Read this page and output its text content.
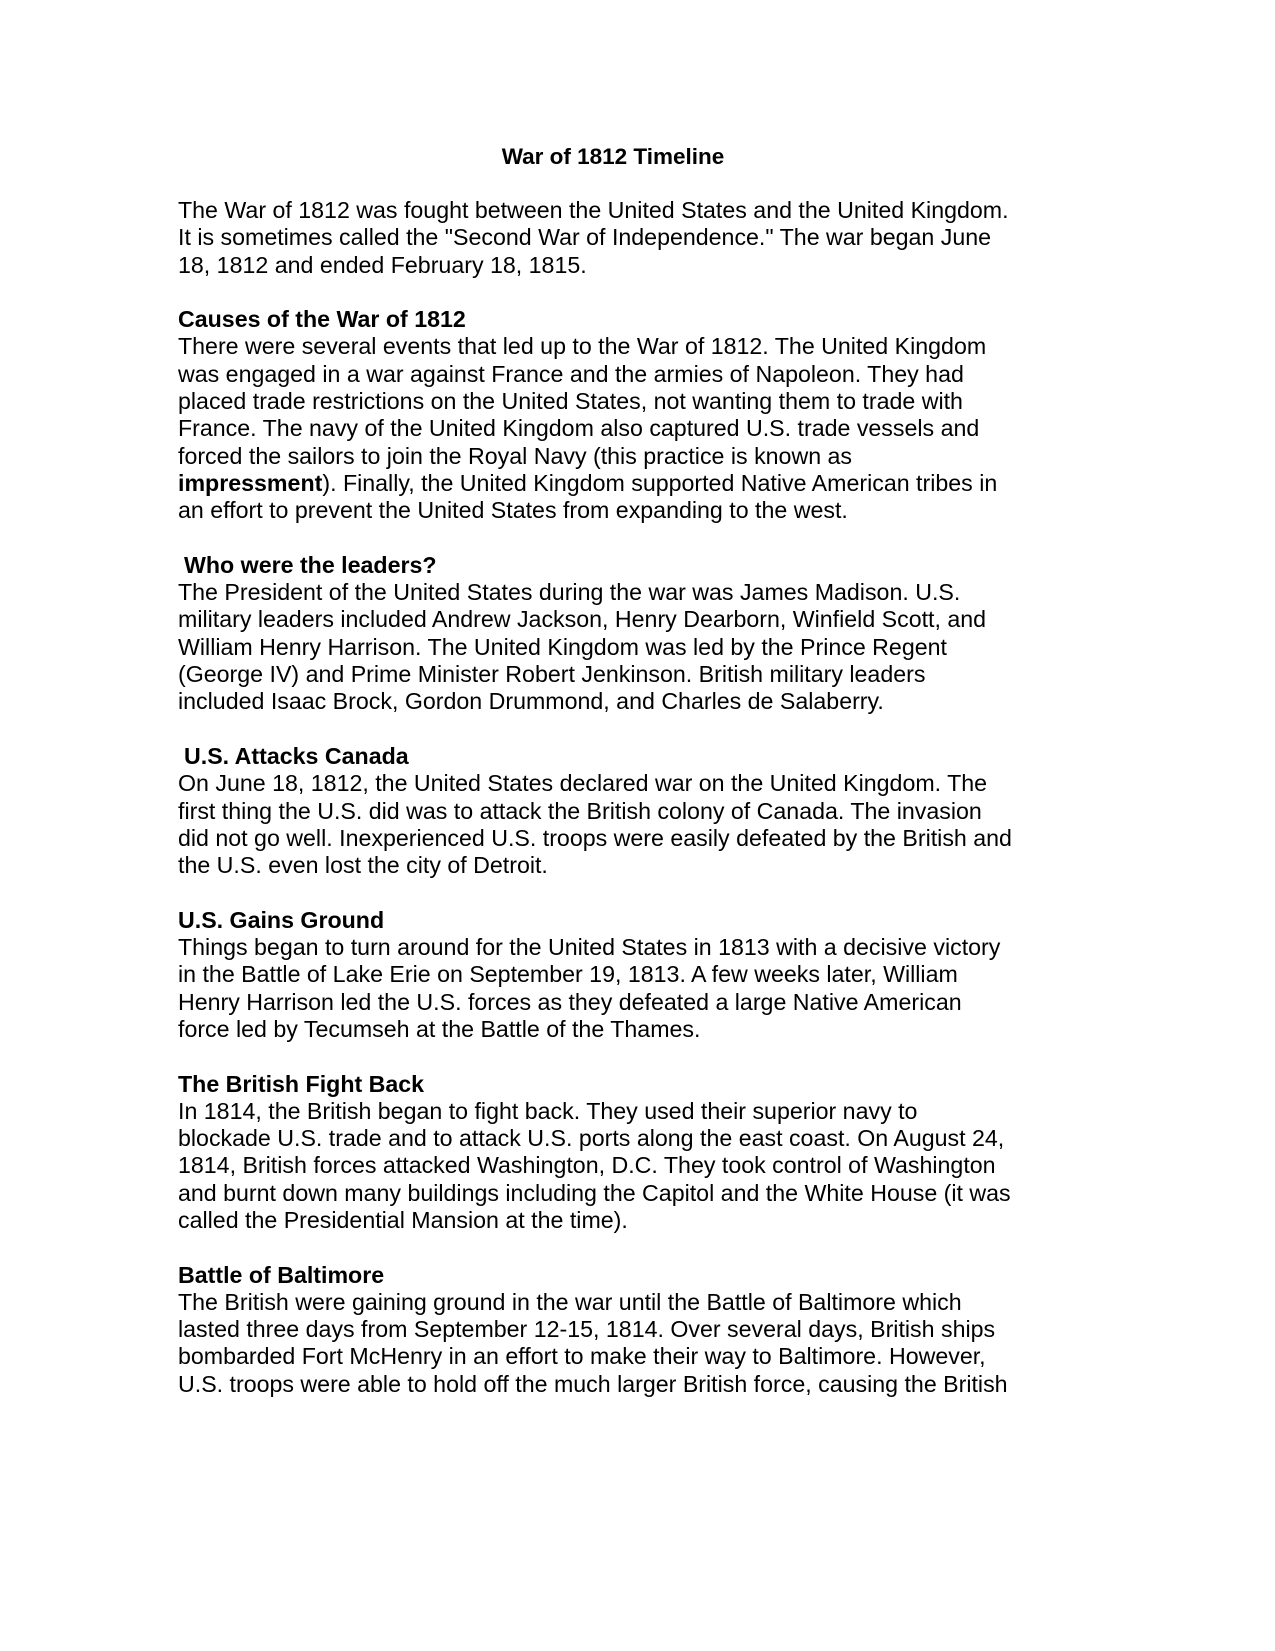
War of 1812 Timeline
The War of 1812 was fought between the United States and the United Kingdom.
It is sometimes called the "Second War of Independence." The war began June
18, 1812 and ended February 18, 1815.
Causes of the War of 1812
There were several events that led up to the War of 1812. The United Kingdom
was engaged in a war against France and the armies of Napoleon. They had
placed trade restrictions on the United States, not wanting them to trade with
France. The navy of the United Kingdom also captured U.S. trade vessels and
forced the sailors to join the Royal Navy (this practice is known as
impressment). Finally, the United Kingdom supported Native American tribes in
an effort to prevent the United States from expanding to the west.
Who were the leaders?
The President of the United States during the war was James Madison. U.S.
military leaders included Andrew Jackson, Henry Dearborn, Winfield Scott, and
William Henry Harrison. The United Kingdom was led by the Prince Regent
(George IV) and Prime Minister Robert Jenkinson. British military leaders
included Isaac Brock, Gordon Drummond, and Charles de Salaberry.
U.S. Attacks Canada
On June 18, 1812, the United States declared war on the United Kingdom. The
first thing the U.S. did was to attack the British colony of Canada. The invasion
did not go well. Inexperienced U.S. troops were easily defeated by the British and
the U.S. even lost the city of Detroit.
U.S. Gains Ground
Things began to turn around for the United States in 1813 with a decisive victory
in the Battle of Lake Erie on September 19, 1813. A few weeks later, William
Henry Harrison led the U.S. forces as they defeated a large Native American
force led by Tecumseh at the Battle of the Thames.
The British Fight Back
In 1814, the British began to fight back. They used their superior navy to
blockade U.S. trade and to attack U.S. ports along the east coast. On August 24,
1814, British forces attacked Washington, D.C. They took control of Washington
and burnt down many buildings including the Capitol and the White House (it was
called the Presidential Mansion at the time).
Battle of Baltimore
The British were gaining ground in the war until the Battle of Baltimore which
lasted three days from September 12-15, 1814. Over several days, British ships
bombarded Fort McHenry in an effort to make their way to Baltimore. However,
U.S. troops were able to hold off the much larger British force, causing the British
